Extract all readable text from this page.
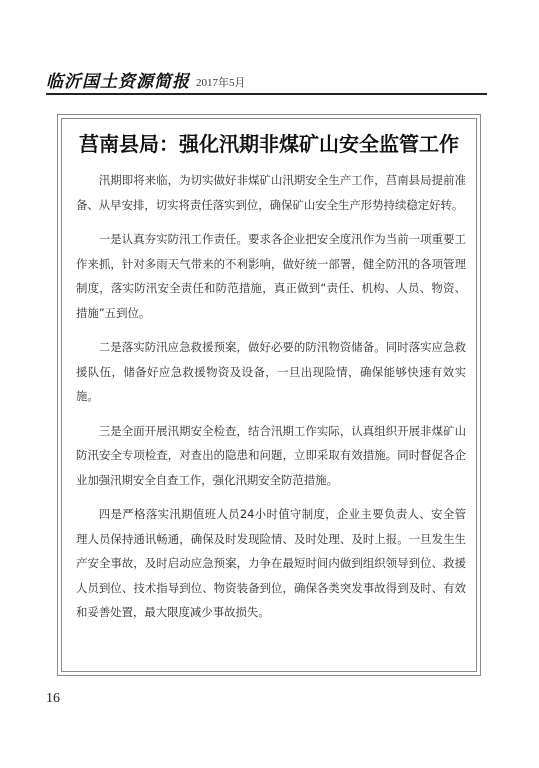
临沂国土资源简报 2017年5月
莒南县局：强化汛期非煤矿山安全监管工作

汛期即将来临，为切实做好非煤矿山汛期安全生产工作，莒南县局提前准备、从早安排，切实将责任落实到位，确保矿山安全生产形势持续稳定好转。

一是认真夯实防汛工作责任。要求各企业把安全度汛作为当前一项重要工作来抓，针对多雨天气带来的不利影响，做好统一部署，健全防汛的各项管理制度，落实防汛安全责任和防范措施，真正做到“责任、机构、人员、物资、措施”五到位。

二是落实防汛应急救援预案，做好必要的防汛物资储备。同时落实应急救援队伍，储备好应急救援物资及设备，一旦出现险情，确保能够快速有效实施。

三是全面开展汛期安全检查，结合汛期工作实际，认真组织开展非煤矿山防汛安全专项检查，对查出的隐患和问题，立即采取有效措施。同时督促各企业加强汛期安全自查工作，强化汛期安全防范措施。

四是严格落实汛期值班人员24小时值守制度，企业主要负责人、安全管理人员保持通讯畅通，确保及时发现险情、及时处理、及时上报。一旦发生生产安全事故，及时启动应急预案，力争在最短时间内做到组织领导到位、救援人员到位、技术指导到位、物资装备到位，确保各类突发事故得到及时、有效和妥善处置，最大限度减少事故损失。

16
